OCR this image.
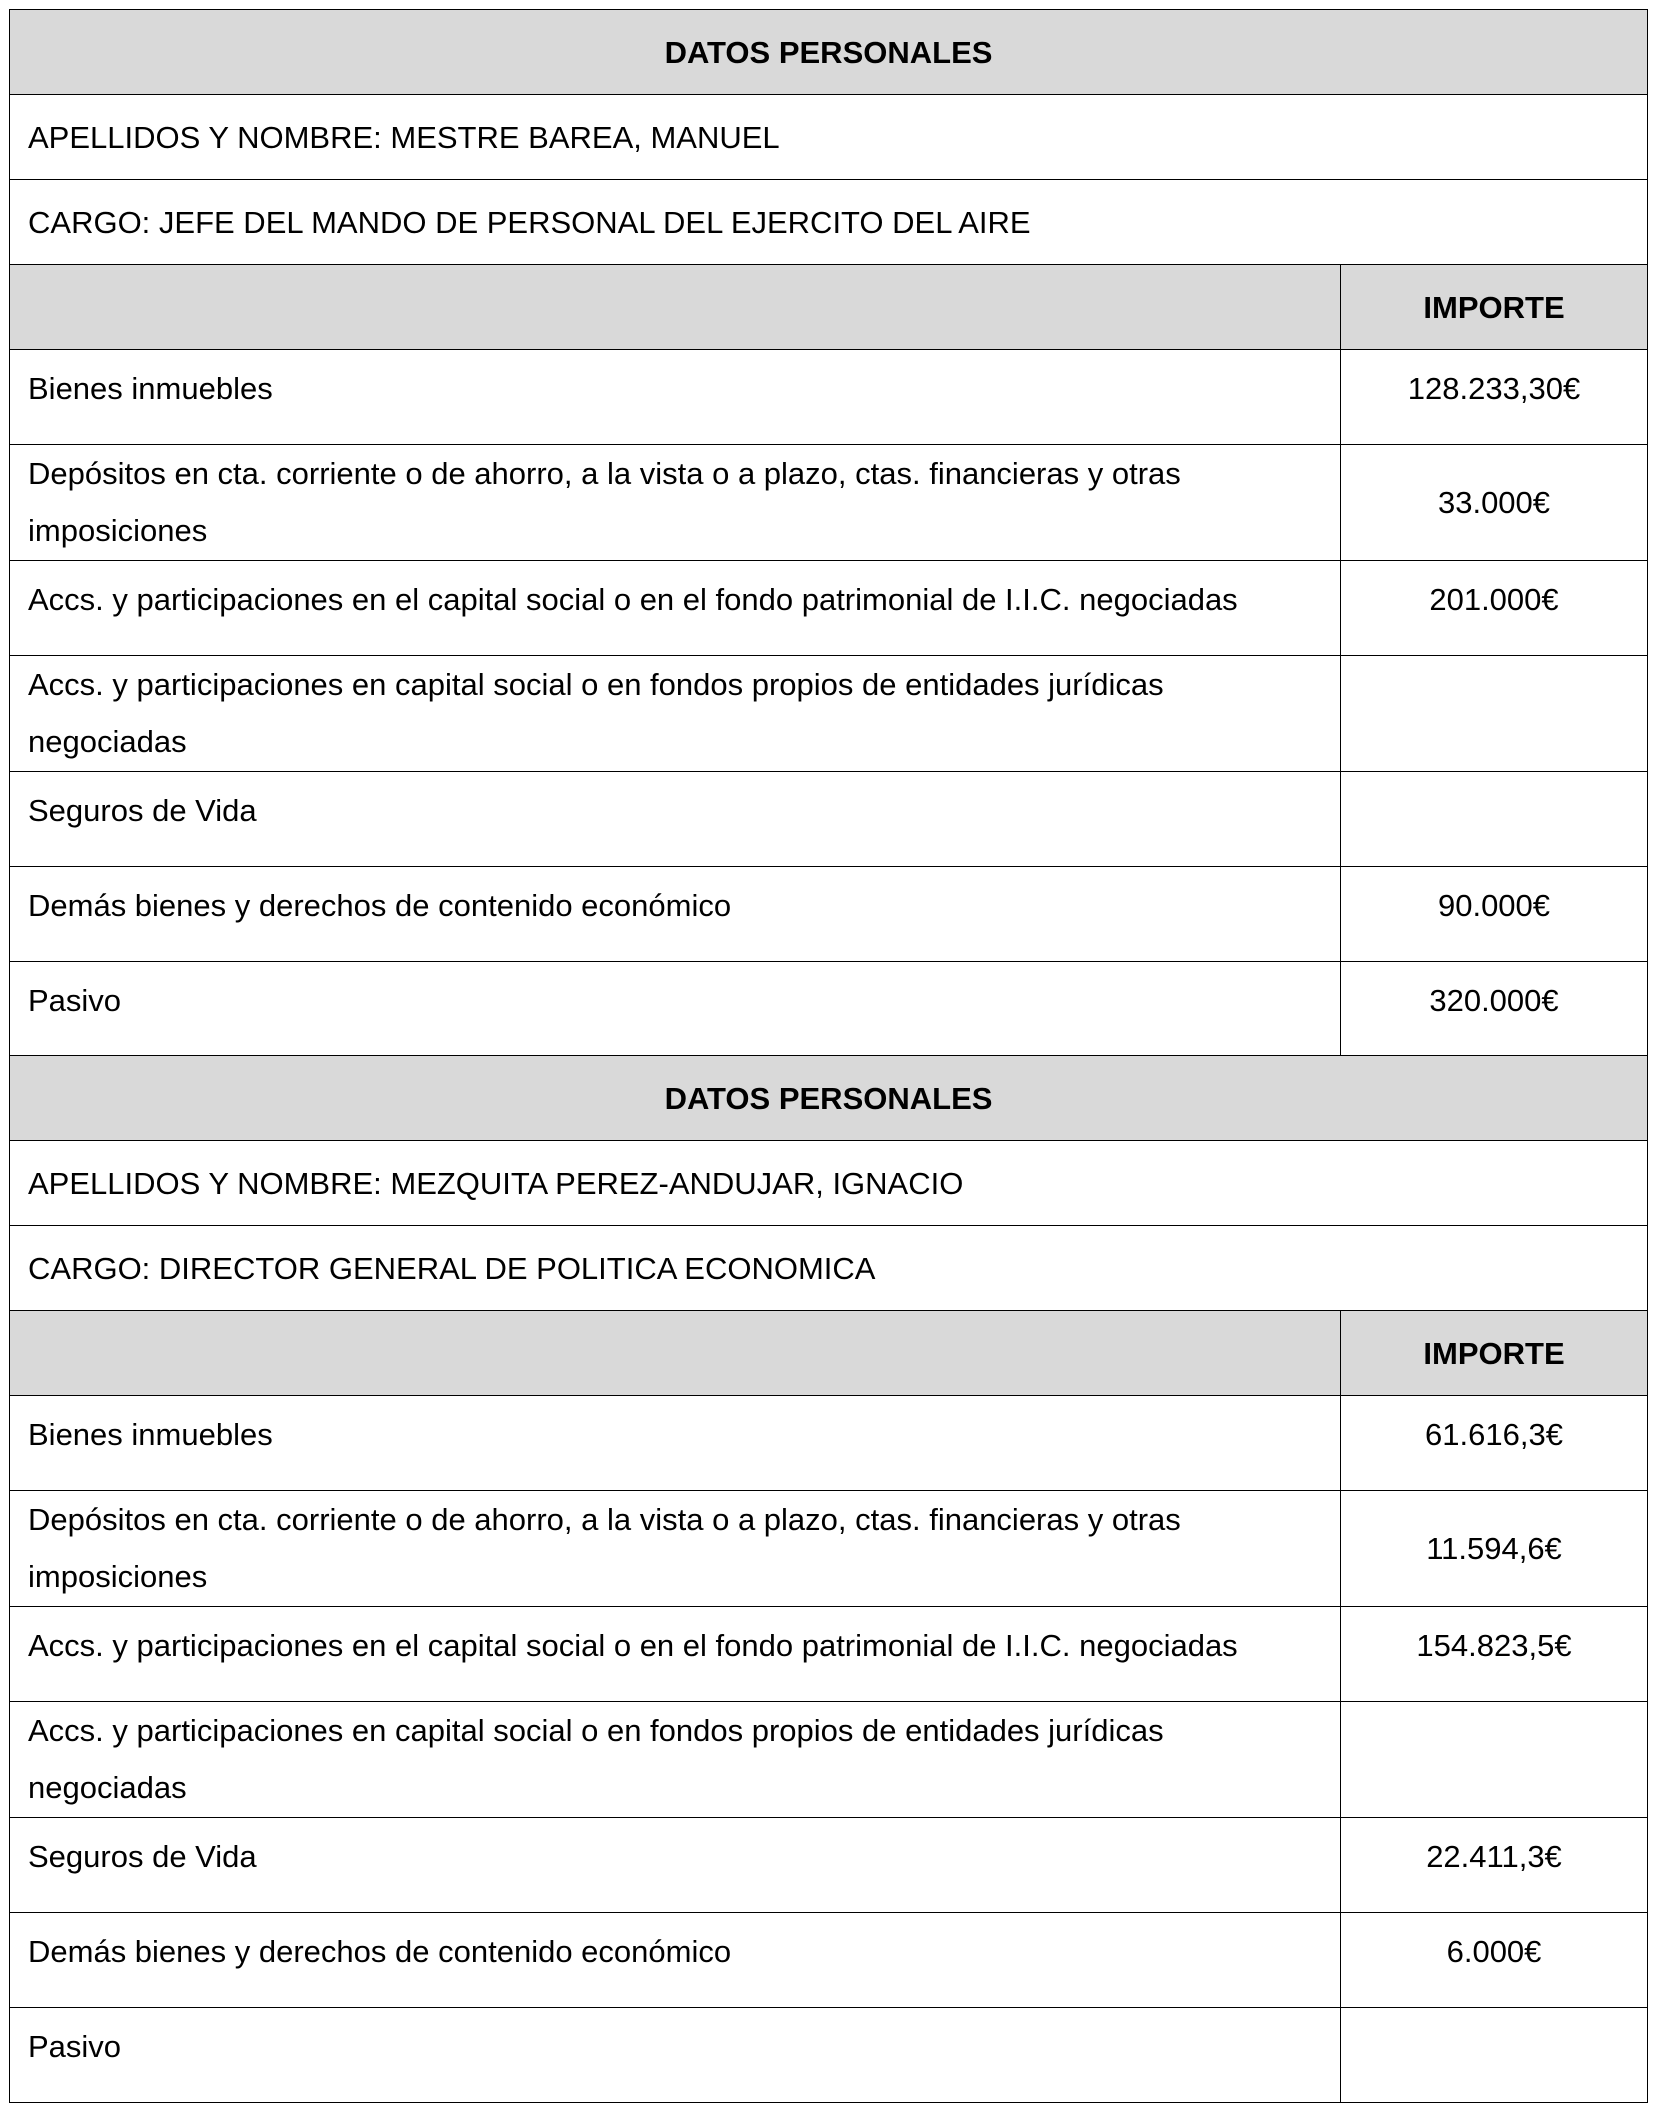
DATOS PERSONALES	
APELLIDOS Y NOMBRE: MESTRE BAREA, MANUEL	
CARGO: JEFE DEL MANDO DE PERSONAL DEL EJERCITO DEL AIRE	
	IMPORTE
Bienes inmuebles	128.233,30€
Depósitos en cta. corriente o de ahorro, a la vista o a plazo, ctas. financieras y otras imposiciones	33.000€
Accs. y participaciones en el capital social o en el fondo patrimonial de I.I.C. negociadas	201.000€
Accs. y participaciones en capital social o en fondos propios de entidades jurídicas negociadas	
Seguros de Vida	
Demás bienes y derechos de contenido económico	90.000€
Pasivo	320.000€
DATOS PERSONALES	
APELLIDOS Y NOMBRE: MEZQUITA PEREZ-ANDUJAR, IGNACIO	
CARGO: DIRECTOR GENERAL DE POLITICA ECONOMICA	
	IMPORTE
Bienes inmuebles	61.616,3€
Depósitos en cta. corriente o de ahorro, a la vista o a plazo, ctas. financieras y otras imposiciones	11.594,6€
Accs. y participaciones en el capital social o en el fondo patrimonial de I.I.C. negociadas	154.823,5€
Accs. y participaciones en capital social o en fondos propios de entidades jurídicas negociadas	
Seguros de Vida	22.411,3€
Demás bienes y derechos de contenido económico	6.000€
Pasivo	
